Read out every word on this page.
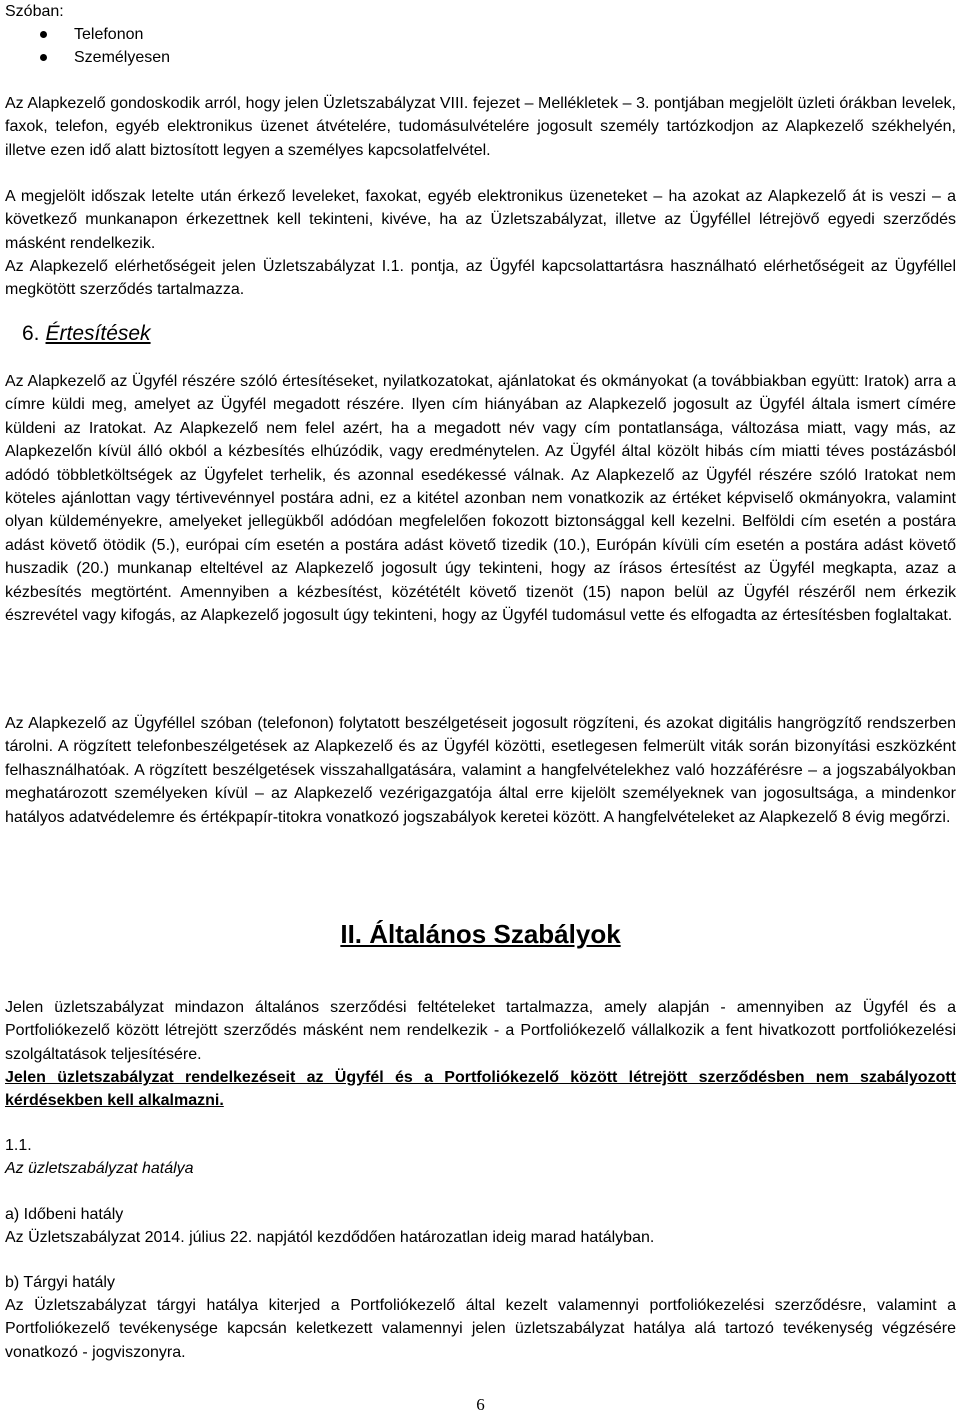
Szóban:
Telefonon
Személyesen

Az Alapkezelő gondoskodik arról, hogy jelen Üzletszabályzat VIII. fejezet – Mellékletek – 3. pontjában megjelölt üzleti órákban levelek, faxok, telefon, egyéb elektronikus üzenet átvételére, tudomásulvételére jogosult személy tartózkodjon az Alapkezelő székhelyén, illetve ezen idő alatt biztosított legyen a személyes kapcsolatfelvétel.

A megjelölt időszak letelte után érkező leveleket, faxokat, egyéb elektronikus üzeneteket – ha azokat az Alapkezelő át is veszi – a következő munkanapon érkezettnek kell tekinteni, kivéve, ha az Üzletszabályzat, illetve az Ügyféllel létrejövő egyedi szerződés másként rendelkezik.

Az Alapkezelő elérhetőségeit jelen Üzletszabályzat I.1. pontja, az Ügyfél kapcsolattartásra használható elérhetőségeit az Ügyféllel megkötött szerződés tartalmazza.

6. Értesítések

Az Alapkezelő az Ügyfél részére szóló értesítéseket, nyilatkozatokat, ajánlatokat és okmányokat (a továbbiakban együtt: Iratok) arra a címre küldi meg, amelyet az Ügyfél megadott részére. Ilyen cím hiányában az Alapkezelő jogosult az Ügyfél általa ismert címére küldeni az Iratokat. Az Alapkezelő nem felel azért, ha a megadott név vagy cím pontatlansága, változása miatt, vagy más, az Alapkezelőn kívül álló okból a kézbesítés elhúzódik, vagy eredménytelen. Az Ügyfél által közölt hibás cím miatti téves postázásból adódó többletköltségek az Ügyfelet terhelik, és azonnal esedékessé válnak. Az Alapkezelő az Ügyfél részére szóló Iratokat nem köteles ajánlottan vagy tértivevénnyel postára adni, ez a kitétel azonban nem vonatkozik az értéket képviselő okmányokra, valamint olyan küldeményekre, amelyeket jellegükből adódóan megfelelően fokozott biztonsággal kell kezelni. Belföldi cím esetén a postára adást követő ötödik (5.), európai cím esetén a postára adást követő tizedik (10.), Európán kívüli cím esetén a postára adást követő huszadik (20.) munkanap elteltével az Alapkezelő jogosult úgy tekinteni, hogy az írásos értesítést az Ügyfél megkapta, azaz a kézbesítés megtörtént. Amennyiben a kézbesítést, közététélt követő tizenöt (15) napon belül az Ügyfél részéről nem érkezik észrevétel vagy kifogás, az Alapkezelő jogosult úgy tekinteni, hogy az Ügyfél tudomásul vette és elfogadta az értesítésben foglaltakat.

Az Alapkezelő az Ügyféllel szóban (telefonon) folytatott beszélgetéseit jogosult rögzíteni, és azokat digitális hangrögzítő rendszerben tárolni. A rögzített telefonbeszélgetések az Alapkezelő és az Ügyfél közötti, esetlegesen felmerült viták során bizonyítási eszközként felhasználhatóak. A rögzített beszélgetések visszahallgatására, valamint a hangfelvételekhez való hozzáférésre – a jogszabályokban meghatározott személyeken kívül – az Alapkezelő vezérigazgatója által erre kijelölt személyeknek van jogosultsága, a mindenkor hatályos adatvédelemre és értékpapír-titokra vonatkozó jogszabályok keretei között. A hangfelvételeket az Alapkezelő 8 évig megőrzi.

II. Általános Szabályok

Jelen üzletszabályzat mindazon általános szerződési feltételeket tartalmazza, amely alapján - amennyiben az Ügyfél és a Portfoliókezelő között létrejött szerződés másként nem rendelkezik - a Portfoliókezelő vállalkozik a fent hivatkozott portfoliókezelési szolgáltatások teljesítésére.

Jelen üzletszabályzat rendelkezéseit az Ügyfél és a Portfoliókezelő között létrejött szerződésben nem szabályozott kérdésekben kell alkalmazni.

1.1.
Az üzletszabályzat hatálya
a) Időbeni hatály
Az Üzletszabályzat 2014. július 22. napjától kezdődően határozatlan ideig marad hatályban.
b) Tárgyi hatály

Az Üzletszabályzat tárgyi hatálya kiterjed a Portfoliókezelő által kezelt valamennyi portfoliókezelési szerződésre, valamint a Portfoliókezelő tevékenysége kapcsán keletkezett valamennyi jelen üzletszabályzat hatálya alá tartozó tevékenység végzésére vonatkozó - jogviszonyra.

6
